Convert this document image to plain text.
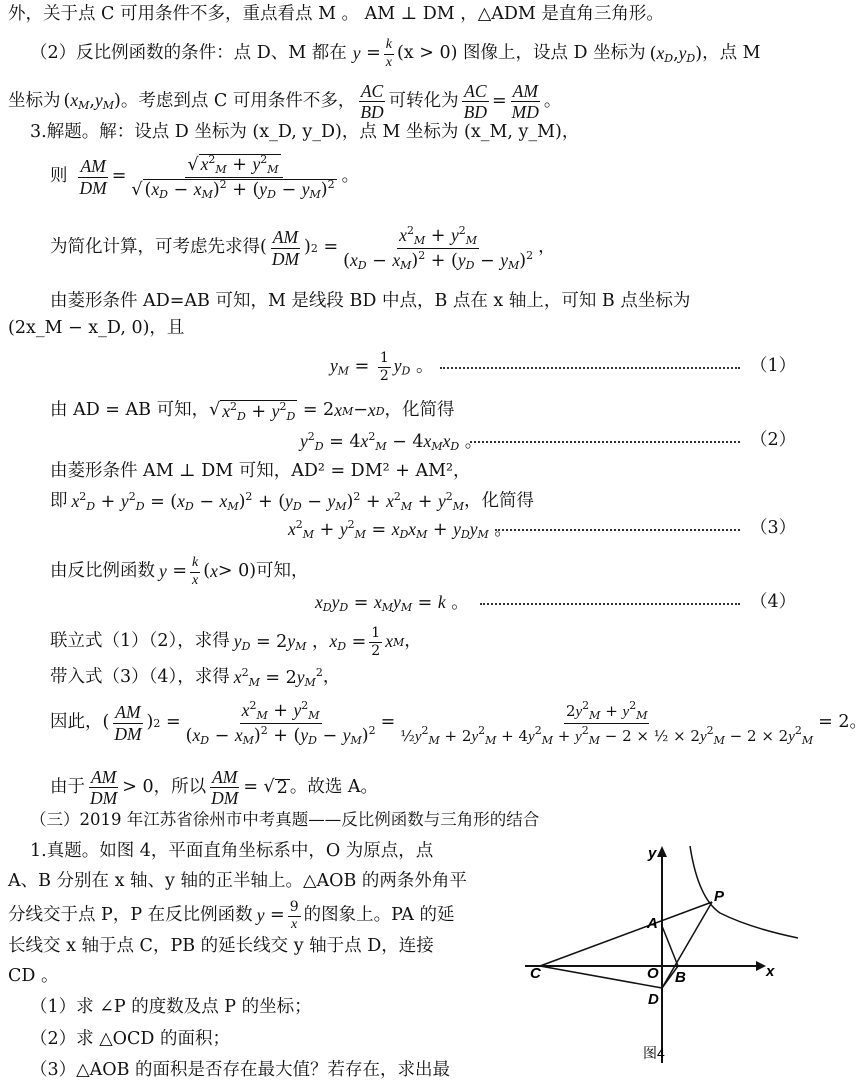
外，关于点 C 可用条件不多，重点看点 M 。 AM ⊥ DM ，△ADM 是直角三角形。
（2）反比例函数的条件：点 D、M 都在 y = k
x (x > 0) 图像上，设点 D 坐标为 (xD,yD) ，点 M
坐标为 (xM,yM) 。考虑到点 C 可用条件不多，
AC
BD
可转化为
AC
BD
=
AM
MD
。
3.解题。解：设点 D 坐标为 (x_D, y_D)，点 M 坐标为 (x_M, y_M)，
则
AM
DM
=
√ $x^2M + y^2M$
√ (xD − xM)$^2$ + (yD − yM)$^2$ 。
为简化计算，可考虑先求得 (
AM
DM
) 2 =
$x^2M + y^2M$
(xD − xM)$^2$ + (yD − yM)$^2$ ，
由菱形条件 AD=AB 可知，M 是线段 BD 中点，B 点在 x 轴上，可知 B 点坐标为
(2x_M − x_D, 0)，且
yM = $\frac{1}{2}$ yD 。	（1）
由 AD = AB 可知， √ $x^2D + y^2D = 2$ x M − x D ，化简得
$y^2D = 4x^2M$ − 4xMxD 。	（2）
由菱形条件 AM ⊥ DM 可知，AD² = DM² + AM²，
即 $x^2D + y^2D = (xD - xM)^2 + (yD - yM)^2 + x^2M + y^2M$ ，化简得
$x^2M + y^2M$ = xDxM + yDyM 。	（3）
由反比例函数 y = k
x ( x > 0) 可知，
xDyD = xMyM = k 。	（4）
联立式（1）（2），求得 yD = 2yM ，xD = $\frac{1}{2}$ x M ，
带入式（3）（4），求得 $x^2M = 2yM^2$ ，
因此， (
AM
DM
) 2 =
$x^2M + y^2M$
(xD − xM)$^2$ + (yD − yM)$^2$ =
$2y^2_M + y^2_M$
$\frac{1}{2}y^2_M + 2y^2_M + 4y^2_M + y^2_M - 2$ × ½ × $2y^2_M - 2 \times 2y^2_M$
= 2 。
由于
AM
DM
> 0 ，所以
AM
DM
= √ 2 。故选 A。
（三）2019 年江苏省徐州市中考真题——反比例函数与三角形的结合
1.真题。如图 4，平面直角坐标系中，O 为原点，点
A、B 分别在 x 轴、y 轴的正半轴上。△AOB 的两条外角平
分线交于点 P，P 在反比例函数 y = 9
x 的图象上。PA 的延
长线交 x 轴于点 C，PB 的延长线交 y 轴于点 D，连接
CD 。
（1）求 ∠P 的度数及点 P 的坐标；
（2）求 △OCD 的面积；
（3）△AOB 的面积是否存在最大值？若存在，求出最
y
x
P
A
C	O B
D
图4
